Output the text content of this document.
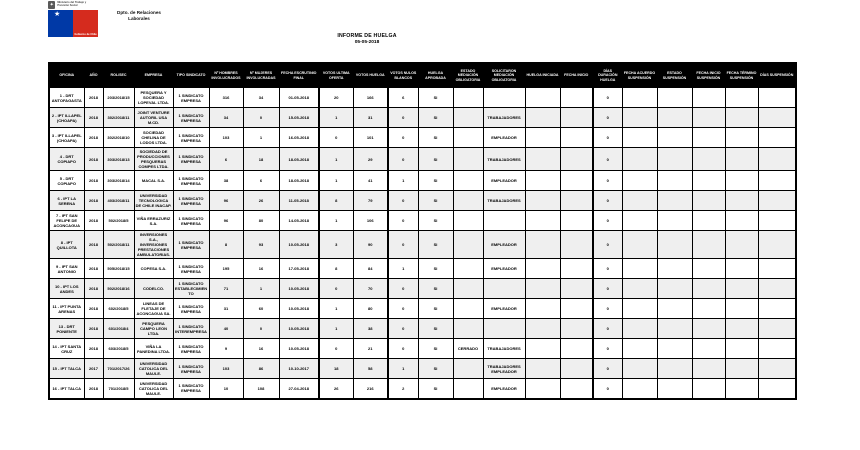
✦	Ministerio del Trabajo y Previsión Social
★
Gobierno de Chile
Dpto. de Relaciones
Laborales
INFORME DE HUELGA
05-05-2018
OFICINA	AÑO	ROL/SEC	EMPRESA	TIPO SINDICATO	Nº HOMBRES INVOLUCRADOS	Nº MUJERES INVOLUCRADAS	FECHA ESCRUTINIO FINAL	VOTOS ULTIMA OFERTA	VOTOS HUELGA	VOTOS NULOS BLANCOS	HUELGA APROBADA	ESTADO MEDIACIÓN OBLIGATORIA	SOLICITARON MEDIACIÓN OBLIGATORIA	HUELGA INICIADA	FECHA INICIO	DÍAS DURACIÓN HUELGA	FECHA ACUERDO SUSPENSIÓN	ESTADO SUSPENSIÓN	FECHA INICIO SUSPENSIÓN	FECHA TÉRMINO SUSPENSIÓN	DÍAS SUSPENSIÓN
1 - DRT ANTOFAGASTA	2018	203/2018/15	PESQUERA Y SOCIEDAD LOPEVAL LTDA.	1 SINDICATO EMPRESA	316	34	01-05-2018	20	166	6	SI					0					
2 - IPT ILLAPEL (CHOAPA)	2018	302/2018/11	JOINT VENTURE AUTORIL USA M.CD.	1 SINDICATO EMPRESA	34	0	15-05-2018	1	31	0	SI		TRABAJADORES			0					
3 - IPT ILLAPEL (CHOAPA)	2018	302/2018/10	SOCIEDAD CHELINA DE LODOS LTDA.	1 SINDICATO EMPRESA	103	1	16-05-2018	0	101	0	SI		EMPLEADOR			0					
4 - DRT COPIAPO	2018	303/2018/13	SOCIEDAD DE PRODUCCIONES PESQUERAS COMPES LTDA.	1 SINDICATO EMPRESA	6	18	18-05-2018	1	29	0	SI		TRABAJADORES			0					
5 - DRT COPIAPO	2018	303/2018/14	MACAL S.A.	1 SINDICATO EMPRESA	38	6	18-05-2018	1	41	1	SI		EMPLEADOR			0					
6 - IPT LA SERENA	2018	403/2018/11	UNIVERSIDAD TECNOLOGICA DE CHILE INACAP.	1 SINDICATO EMPRESA	96	26	11-05-2018	8	79	0	SI		TRABAJADORES			0					
7 - IPT SAN FELIPE DE ACONCAGUA	2018	502/2018/5	VIÑA ERRAZURIZ S.A.	1 SINDICATO EMPRESA	96	80	14-05-2018	1	106	0	SI					0					
8 - IPT QUILLOTA	2018	502/2018/11	INVERSIONES S.A., INVERSIONES PRESTACIONES AMBULATORIAS.	1 SINDICATO EMPRESA	8	93	10-05-2018	3	90	0	SI		EMPLEADOR			0					
9 - IPT SAN ANTONIO	2018	505/2018/15	COPESA S.A.	1 SINDICATO EMPRESA	195	16	17-05-2018	8	84	1	SI		EMPLEADOR			0					
10 - IPT LOS ANDES	2018	502/2018/16	CODELCO.	1 SINDICATO ESTABLECIMIENTO	71	1	10-05-2018	0	70	0	SI					0					
11 - IPT PUNTA ARENAS	2018	602/2018/5	LINEAS DE FLETAJE DE ACONCAGUA SA.	1 SINDICATO EMPRESA	31	60	10-05-2018	1	80	0	SI		EMPLEADOR			0					
13 - DRT PONIENTE	2018	601/2018/4	PESQUERA CAMPO LEON LTDA.	1 SINDICATO INTEREMPRESA	40	0	10-05-2018	1	38	0	SI					0					
14 - IPT SANTA CRUZ	2018	603/2018/5	VIÑA LA PANEDINA LTDA.	1 SINDICATO EMPRESA	9	16	10-05-2018	0	21	0	SI	CERRADO	TRABAJADORES			0					
15 - IPT TALCA	2017	701/2017/26	UNIVERSIDAD CATOLICA DEL MAULE.	1 SINDICATO EMPRESA	103	86	10-10-2017	18	58	1	SI		TRABAJADORES EMPLEADOR			0					
16 - IPT TALCA	2018	701/2018/5	UNIVERSIDAD CATOLICA DEL MAULE.	1 SINDICATO EMPRESA	10	108	27-04-2018	26	216	2	SI		EMPLEADOR			0					
